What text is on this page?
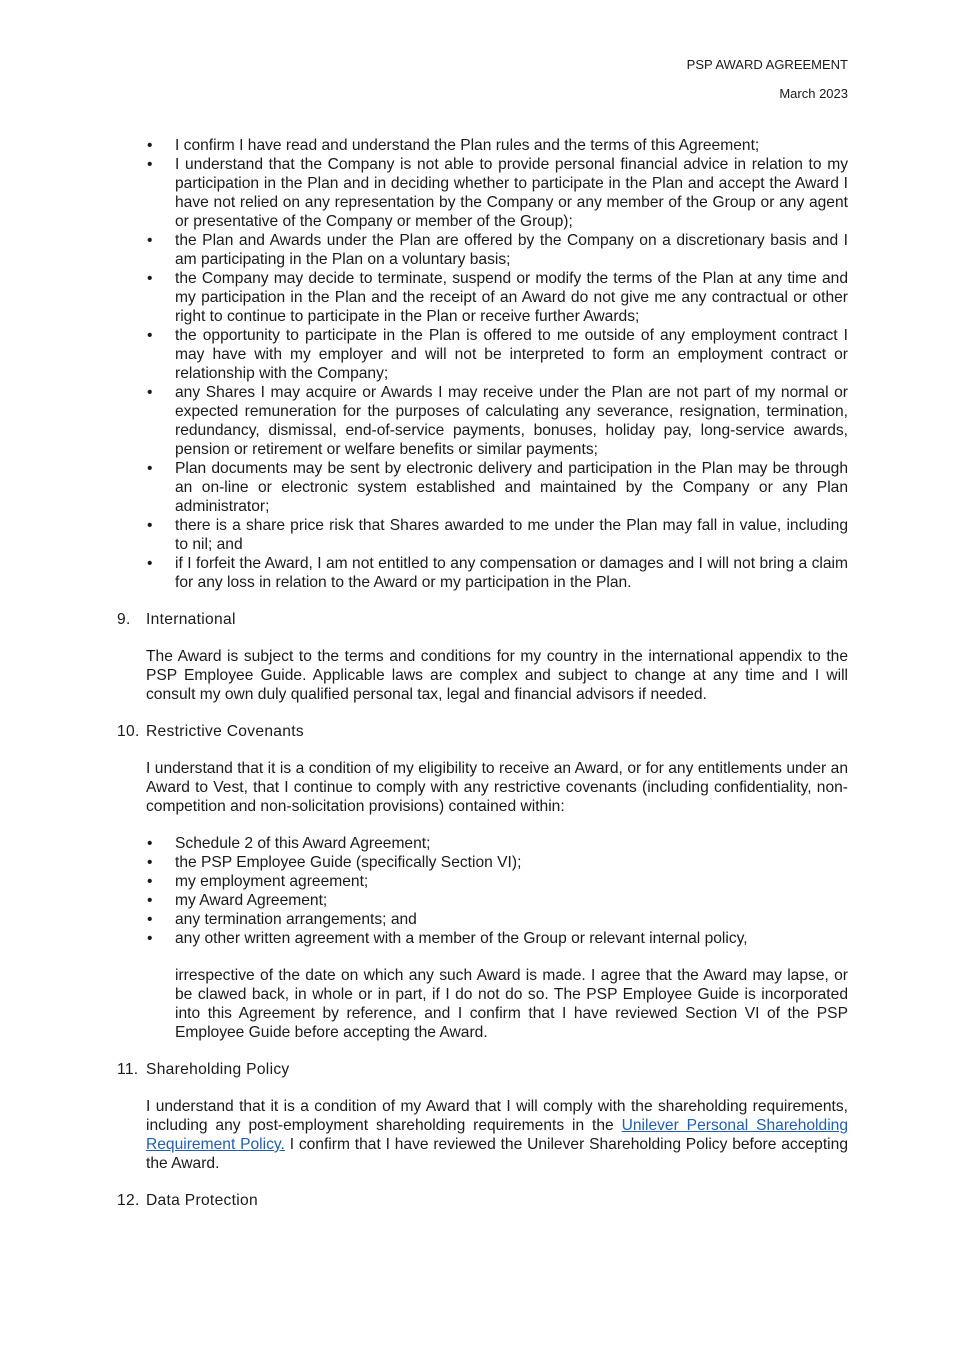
PSP AWARD AGREEMENT
March 2023
• I confirm I have read and understand the Plan rules and the terms of this Agreement;
• I understand that the Company is not able to provide personal financial advice in relation to my participation in the Plan and in deciding whether to participate in the Plan and accept the Award I have not relied on any representation by the Company or any member of the Group or any agent or presentative of the Company or member of the Group);
• the Plan and Awards under the Plan are offered by the Company on a discretionary basis and I am participating in the Plan on a voluntary basis;
• the Company may decide to terminate, suspend or modify the terms of the Plan at any time and my participation in the Plan and the receipt of an Award do not give me any contractual or other right to continue to participate in the Plan or receive further Awards;
• the opportunity to participate in the Plan is offered to me outside of any employment contract I may have with my employer and will not be interpreted to form an employment contract or relationship with the Company;
• any Shares I may acquire or Awards I may receive under the Plan are not part of my normal or expected remuneration for the purposes of calculating any severance, resignation, termination, redundancy, dismissal, end-of-service payments, bonuses, holiday pay, long-service awards, pension or retirement or welfare benefits or similar payments;
• Plan documents may be sent by electronic delivery and participation in the Plan may be through an on-line or electronic system established and maintained by the Company or any Plan administrator;
• there is a share price risk that Shares awarded to me under the Plan may fall in value, including to nil; and
• if I forfeit the Award, I am not entitled to any compensation or damages and I will not bring a claim for any loss in relation to the Award or my participation in the Plan.
9. International
The Award is subject to the terms and conditions for my country in the international appendix to the PSP Employee Guide. Applicable laws are complex and subject to change at any time and I will consult my own duly qualified personal tax, legal and financial advisors if needed.
10. Restrictive Covenants
I understand that it is a condition of my eligibility to receive an Award, or for any entitlements under an Award to Vest, that I continue to comply with any restrictive covenants (including confidentiality, non-competition and non-solicitation provisions) contained within:
• Schedule 2 of this Award Agreement;
• the PSP Employee Guide (specifically Section VI);
• my employment agreement;
• my Award Agreement;
• any termination arrangements; and
• any other written agreement with a member of the Group or relevant internal policy,
irrespective of the date on which any such Award is made. I agree that the Award may lapse, or be clawed back, in whole or in part, if I do not do so. The PSP Employee Guide is incorporated into this Agreement by reference, and I confirm that I have reviewed Section VI of the PSP Employee Guide before accepting the Award.
11. Shareholding Policy
I understand that it is a condition of my Award that I will comply with the shareholding requirements, including any post-employment shareholding requirements in the Unilever Personal Shareholding Requirement Policy. I confirm that I have reviewed the Unilever Shareholding Policy before accepting the Award.
12. Data Protection
